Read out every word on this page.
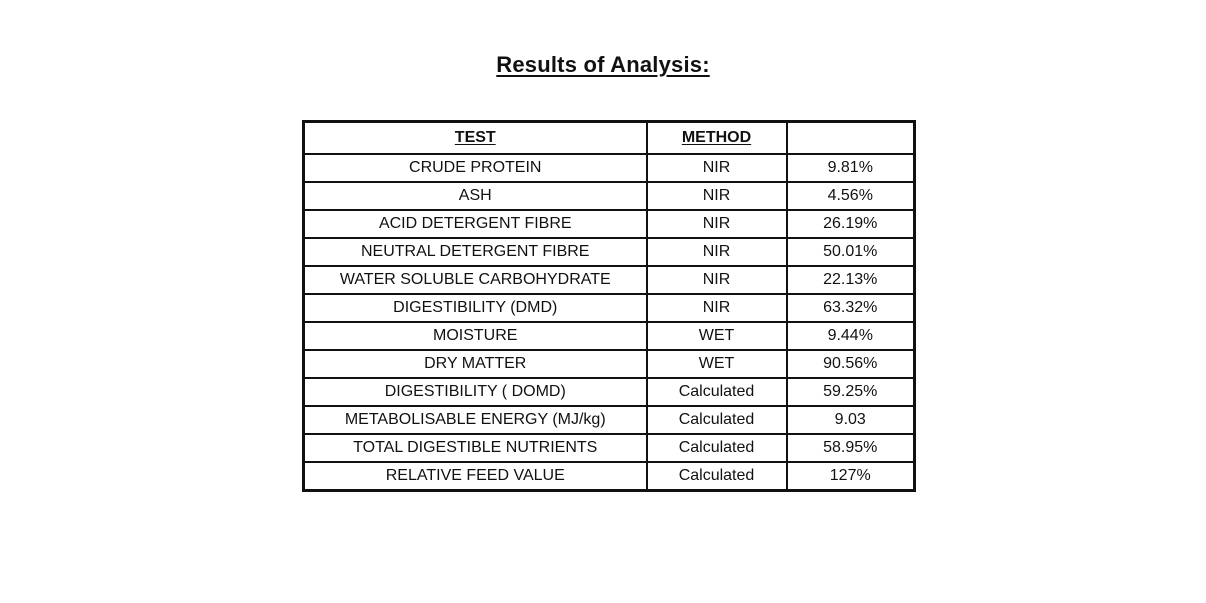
Results of Analysis:
TEST	METHOD	
CRUDE PROTEIN	NIR	9.81%
ASH	NIR	4.56%
ACID DETERGENT FIBRE	NIR	26.19%
NEUTRAL DETERGENT FIBRE	NIR	50.01%
WATER SOLUBLE CARBOHYDRATE	NIR	22.13%
DIGESTIBILITY (DMD)	NIR	63.32%
MOISTURE	WET	9.44%
DRY MATTER	WET	90.56%
DIGESTIBILITY ( DOMD)	Calculated	59.25%
METABOLISABLE ENERGY (MJ/kg)	Calculated	9.03
TOTAL DIGESTIBLE NUTRIENTS	Calculated	58.95%
RELATIVE FEED VALUE	Calculated	127%
